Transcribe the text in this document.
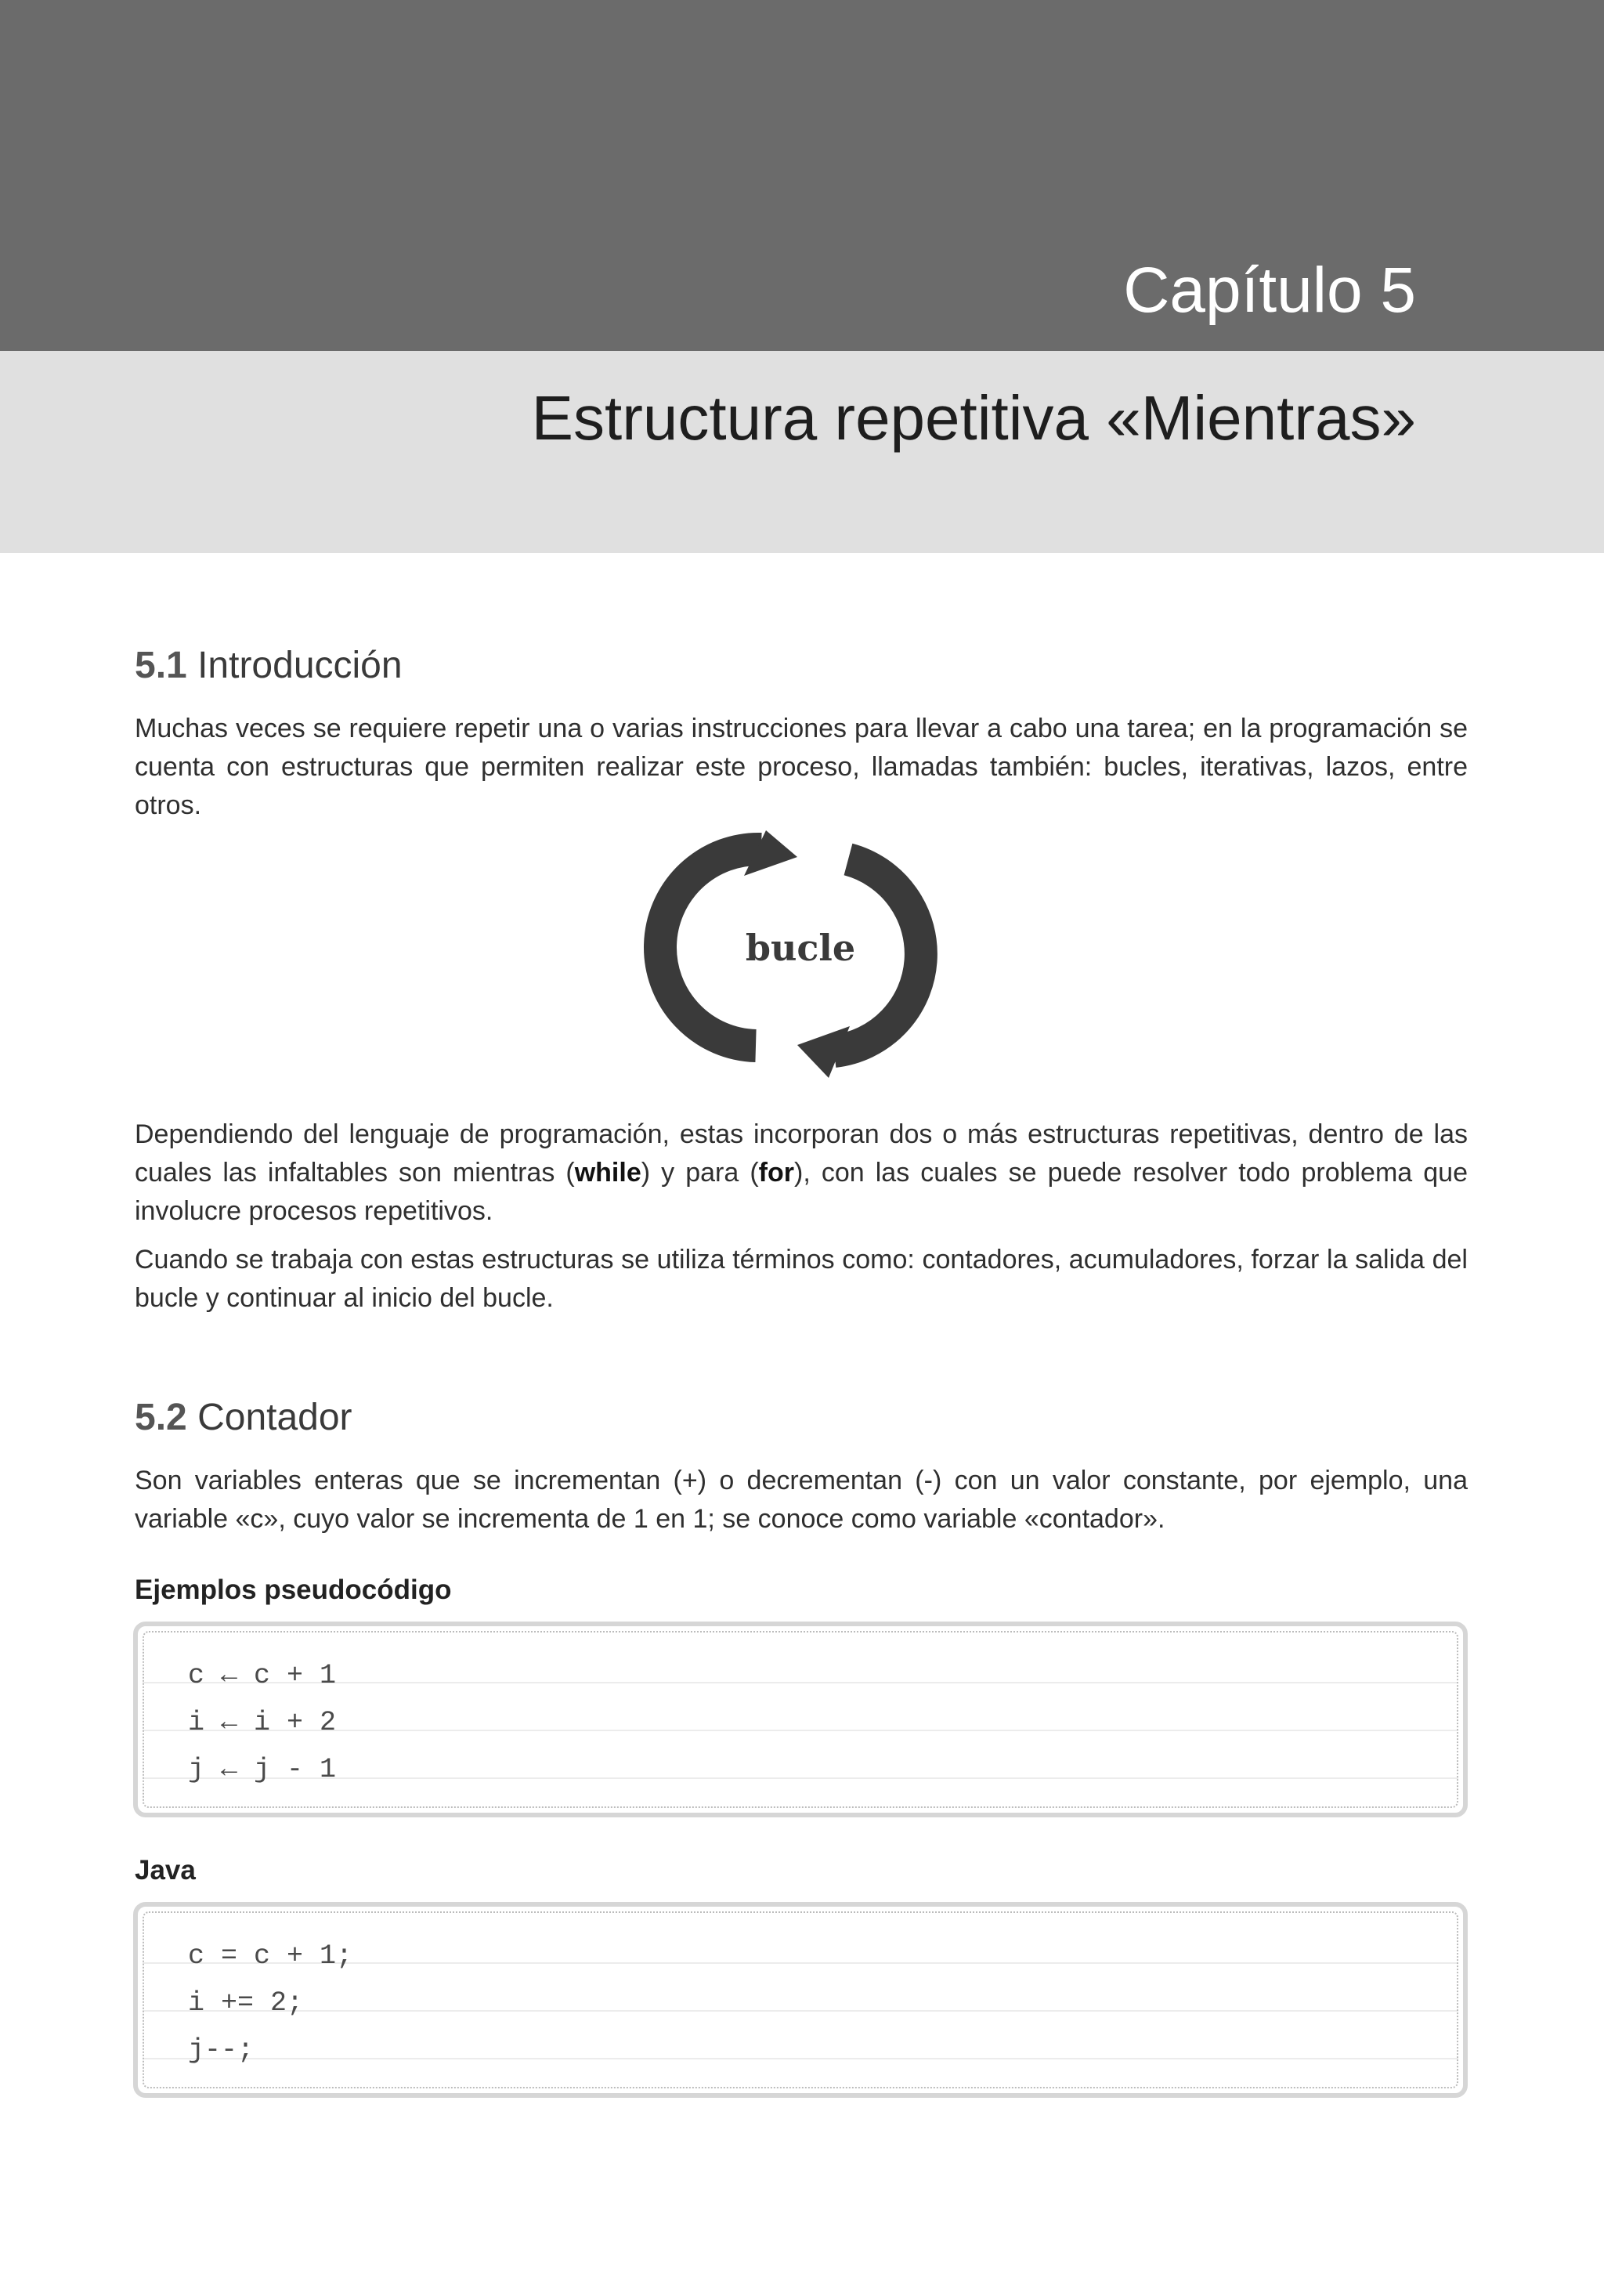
Capítulo 5
Estructura repetitiva «Mientras»
5.1 Introducción
Muchas veces se requiere repetir una o varias instrucciones para llevar a cabo una tarea; en la programación se cuenta con estructuras que permiten realizar este proceso, llamadas también: bucles, iterativas, lazos, entre otros.
bucle
Dependiendo del lenguaje de programación, estas incorporan dos o más estructuras repetitivas, dentro de las cuales las infaltables son mientras (while) y para (for), con las cuales se puede resolver todo problema que involucre procesos repetitivos.
Cuando se trabaja con estas estructuras se utiliza términos como: contadores, acumuladores, forzar la salida del bucle y continuar al inicio del bucle.
5.2 Contador
Son variables enteras que se incrementan (+) o decrementan (-) con un valor constante, por ejemplo, una variable «c», cuyo valor se incrementa de 1 en 1; se conoce como variable «contador».
Ejemplos pseudocódigo
c ← c + 1
i ← i + 2
j ← j - 1
Java
c = c + 1;
i += 2;
j--;
